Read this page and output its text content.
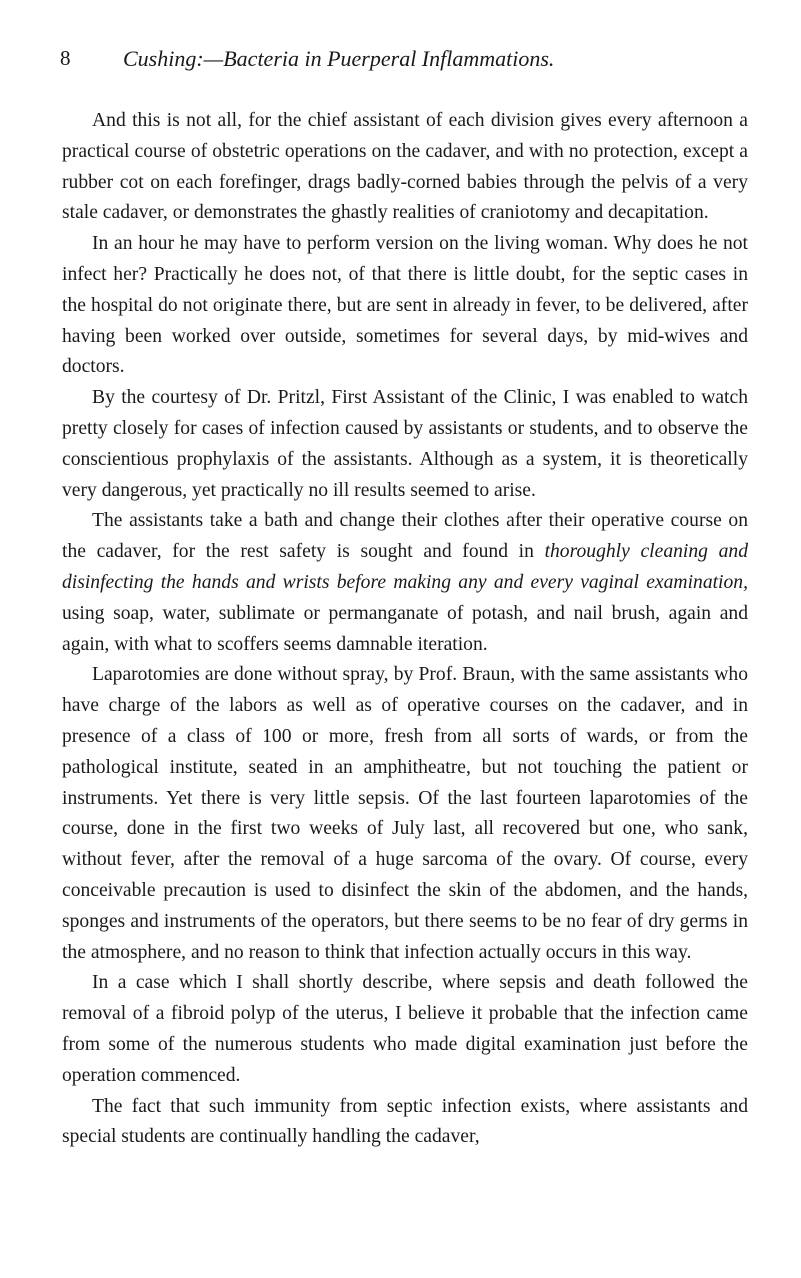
8 Cushing:—Bacteria in Puerperal Inflammations.

And this is not all, for the chief assistant of each division gives every afternoon a practical course of obstetric operations on the cadaver, and with no protection, except a rubber cot on each forefinger, drags badly-corned babies through the pelvis of a very stale cadaver, or demonstrates the ghastly realities of craniotomy and decapitation.

In an hour he may have to perform version on the living woman. Why does he not infect her? Practically he does not, of that there is little doubt, for the septic cases in the hospital do not originate there, but are sent in already in fever, to be delivered, after having been worked over outside, sometimes for several days, by mid-wives and doctors.

By the courtesy of Dr. Pritzl, First Assistant of the Clinic, I was enabled to watch pretty closely for cases of infection caused by assistants or students, and to observe the conscientious prophylaxis of the assistants. Although as a system, it is theoretically very dangerous, yet practically no ill results seemed to arise.

The assistants take a bath and change their clothes after their operative course on the cadaver, for the rest safety is sought and found in thoroughly cleaning and disinfecting the hands and wrists before making any and every vaginal examination, using soap, water, sublimate or permanganate of potash, and nail brush, again and again, with what to scoffers seems damnable iteration.

Laparotomies are done without spray, by Prof. Braun, with the same assistants who have charge of the labors as well as of operative courses on the cadaver, and in presence of a class of 100 or more, fresh from all sorts of wards, or from the pathological institute, seated in an amphitheatre, but not touching the patient or instruments. Yet there is very little sepsis. Of the last fourteen laparotomies of the course, done in the first two weeks of July last, all recovered but one, who sank, without fever, after the removal of a huge sarcoma of the ovary. Of course, every conceivable precaution is used to disinfect the skin of the abdomen, and the hands, sponges and instruments of the operators, but there seems to be no fear of dry germs in the atmosphere, and no reason to think that infection actually occurs in this way.

In a case which I shall shortly describe, where sepsis and death followed the removal of a fibroid polyp of the uterus, I believe it probable that the infection came from some of the numerous students who made digital examination just before the operation commenced.

The fact that such immunity from septic infection exists, where assistants and special students are continually handling the cadaver,
